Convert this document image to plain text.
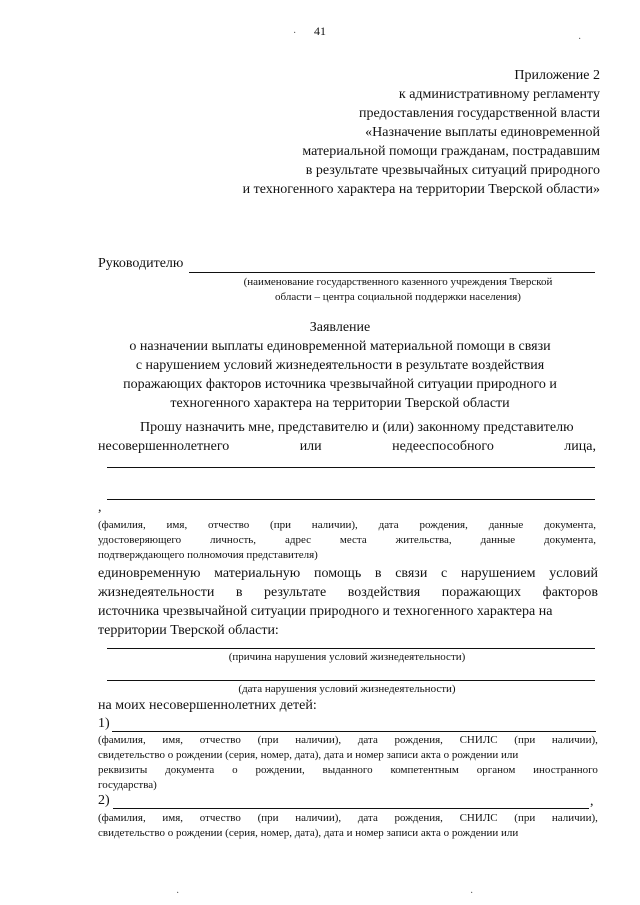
41
·
·
·	·
Приложение 2
к административному регламенту
предоставления государственной власти
«Назначение выплаты единовременной
материальной помощи гражданам, пострадавшим
в результате чрезвычайных ситуаций природного
и техногенного характера на территории Тверской области»
Руководителю
(наименование государственного казенного учреждения Тверской
области – центра социальной поддержки населения)
Заявление
о назначении выплаты единовременной материальной помощи в связи
с нарушением условий жизнедеятельности в результате воздействия
поражающих факторов источника чрезвычайной ситуации природного и
техногенного характера на территории Тверской области
Прошу назначить мне, представителю и (или) законному представителю
несовершеннолетнего	или	недееспособного	лица,
,
(фамилия, имя, отчество (при наличии), дата рождения, данные документа,
удостоверяющего личность, адрес места жительства, данные документа,
подтверждающего полномочия представителя)
единовременную материальную помощь в связи с нарушением условий
жизнедеятельности в результате воздействия поражающих факторов
источника чрезвычайной ситуации природного и техногенного характера на
территории Тверской области:
(причина нарушения условий жизнедеятельности)
(дата нарушения условий жизнедеятельности)
на моих несовершеннолетних детей:
1)
(фамилия, имя, отчество (при наличии), дата рождения, СНИЛС (при наличии),
свидетельство о рождении (серия, номер, дата), дата и номер записи акта о рождении или
реквизиты документа о рождении, выданного компетентным органом иностранного
государства)
2)	,
(фамилия, имя, отчество (при наличии), дата рождения, СНИЛС (при наличии),
свидетельство о рождении (серия, номер, дата), дата и номер записи акта о рождении или
